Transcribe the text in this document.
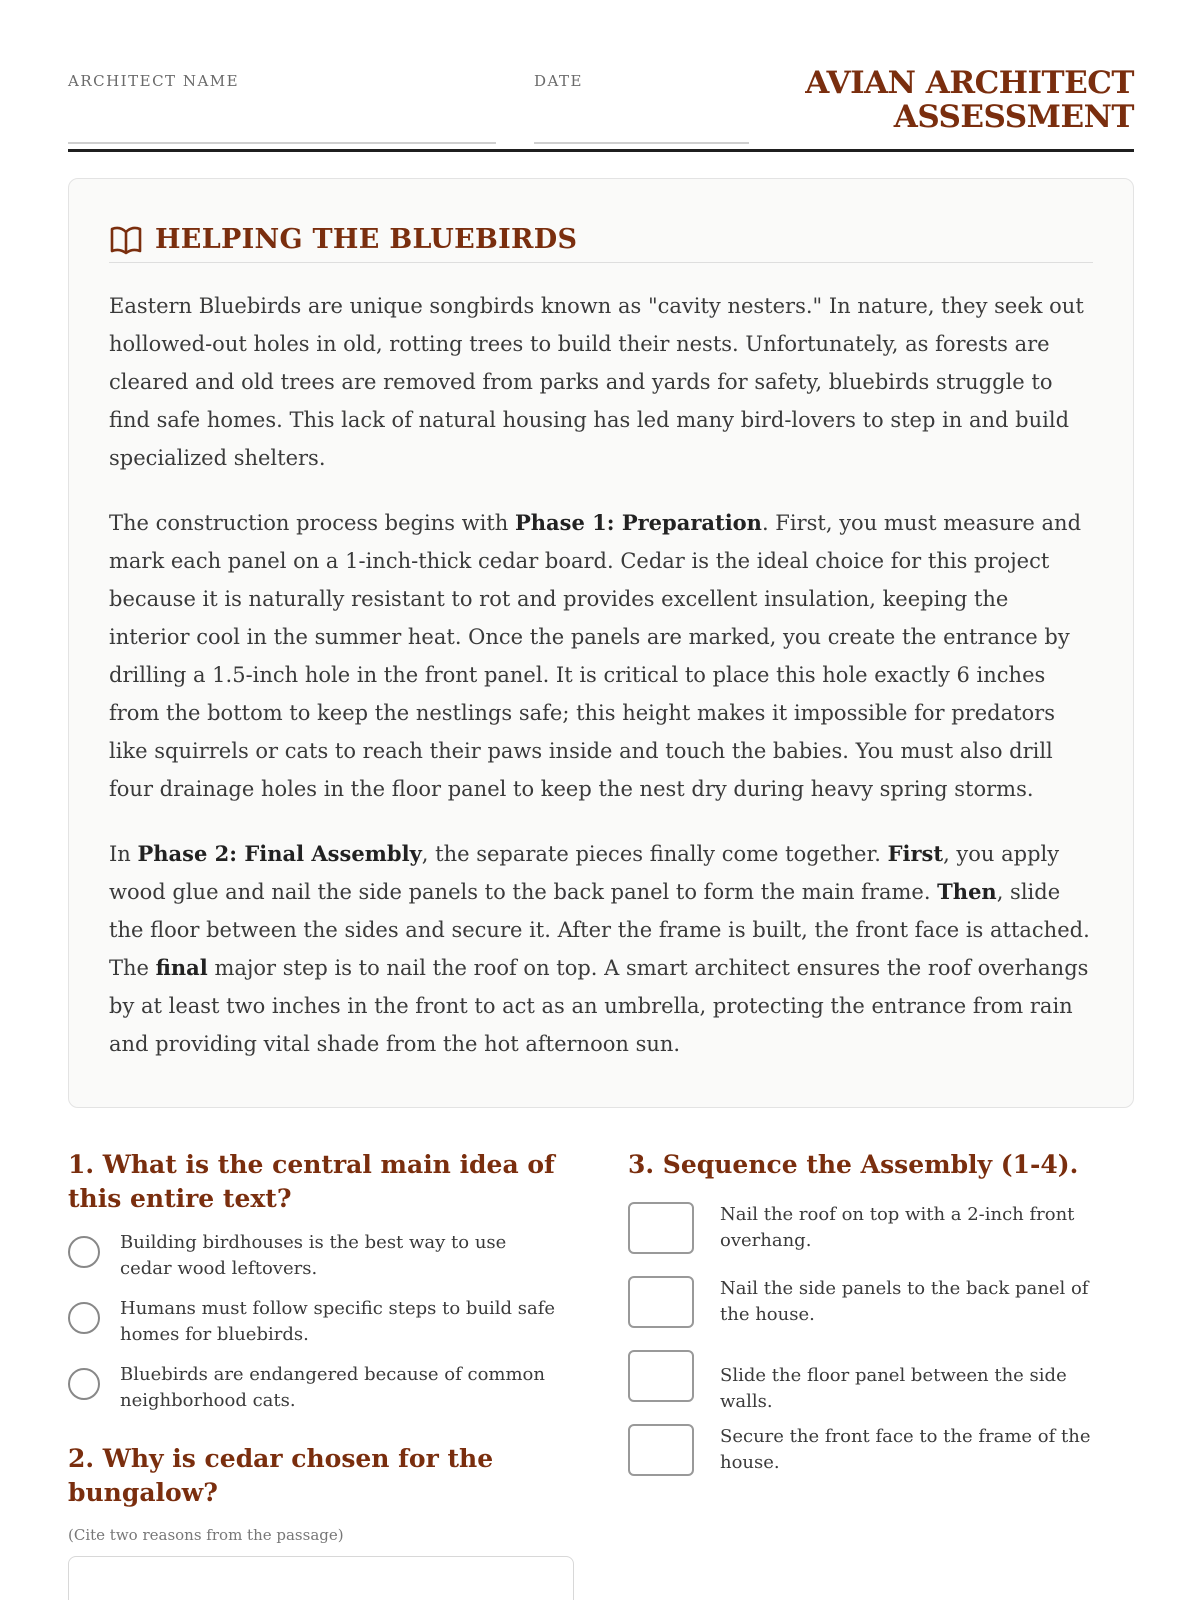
ARCHITECT NAME	DATE	AVIAN ARCHITECT
ASSESSMENT
HELPING THE BLUEBIRDS

Eastern Bluebirds are unique songbirds known as "cavity nesters." In nature, they seek out hollowed-out holes in old, rotting trees to build their nests. Unfortunately, as forests are cleared and old trees are removed from parks and yards for safety, bluebirds struggle to find safe homes. This lack of natural housing has led many bird-lovers to step in and build specialized shelters.

The construction process begins with Phase 1: Preparation. First, you must measure and mark each panel on a 1-inch-thick cedar board. Cedar is the ideal choice for this project because it is naturally resistant to rot and provides excellent insulation, keeping the interior cool in the summer heat. Once the panels are marked, you create the entrance by drilling a 1.5-inch hole in the front panel. It is critical to place this hole exactly 6 inches from the bottom to keep the nestlings safe; this height makes it impossible for predators like squirrels or cats to reach their paws inside and touch the babies. You must also drill four drainage holes in the floor panel to keep the nest dry during heavy spring storms.

In Phase 2: Final Assembly, the separate pieces finally come together. First, you apply wood glue and nail the side panels to the back panel to form the main frame. Then, slide the floor between the sides and secure it. After the frame is built, the front face is attached. The final major step is to nail the roof on top. A smart architect ensures the roof overhangs by at least two inches in the front to act as an umbrella, protecting the entrance from rain and providing vital shade from the hot afternoon sun.

1. What is the central main idea of this entire text?
Building birdhouses is the best way to use cedar wood leftovers.
Humans must follow specific steps to build safe homes for bluebirds.
Bluebirds are endangered because of common neighborhood cats.
2. Why is cedar chosen for the bungalow?
(Cite two reasons from the passage)
3. Sequence the Assembly (1-4).
Nail the roof on top with a 2-inch front overhang.
Nail the side panels to the back panel of the house.
Slide the floor panel between the side walls.
Secure the front face to the frame of the house.
